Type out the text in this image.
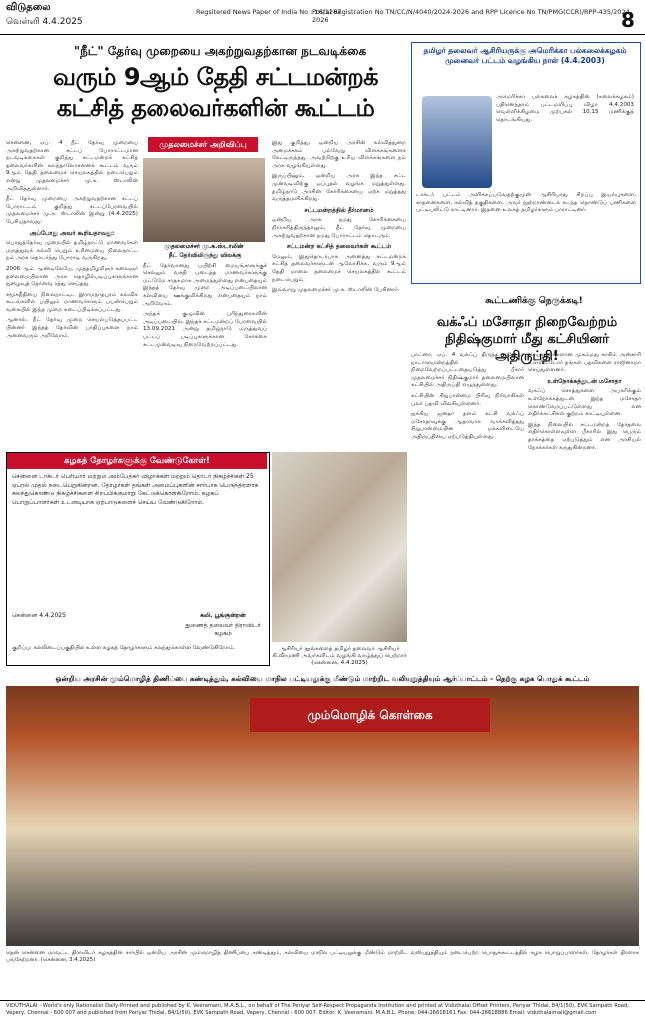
விடுதலை
வெள்ளி 4.4.2025
Regsitered News Paper of India No : 16/1267
Postal Registration No TN/CC/N/4040/2024-2026 and RPP Licence No TN/PMG(CCR)/RPP-435/2024-2026	8
"நீட்" தேர்வு முறையை அகற்றுவதற்கான நடவடிக்கை
வரும் 9ஆம் தேதி சட்டமன்றக்
கட்சித் தலைவர்களின் கூட்டம்

சென்னை, ஏப். 4 நீட் தேர்வு முறையை அகற்றுவதற்கான சட்டப் போராட்டமான நடவடிக்கைகள் குறித்து சட்டமன்றக் கட்சித் தலைவர்களின் கலந்தாலோசனைக் கூட்டம் வரும் 9ஆம் தேதி தலைமைச் செயலகத்தில் நடைபெறும் என்று முதலமைச்சர் மு.க. ஸ்டாலின் அறிவித்துள்ளார்.

நீட் தேர்வு முறையை அகற்றுவதற்கான சட்டப் போராட்டம் குறித்து சட்டப்பேரவையில் முதலமைச்சர் மு.க. ஸ்டாலின் இன்று (4.4.2025) பேசியதாவது:

அப்போது அவர் கூறியதாவது:

பொதுத்தேர்வு முறையில் தமிழ்நாட்டு மாணவர்கள் மருத்துவக் கல்வி பெறும் உரிமையை நிலைநாட்ட நம் அரசு தொடர்ந்து போராடி வருகிறது.

2006 ஆம் ஆண்டிலேயே, முத்தமிழறிஞர் கலைஞர் தலைமையிலான அரசு தொழில்படிப்புகளுக்கான நுழைவுத் தேர்வை ரத்து செய்தது.

சமூகநீதியை நிலைநாட்டிட இராமநாதபுரம் கல்விக் கூடங்களில் பயிலும் மாணவர்களும் பயன்பெறும் வகையில் இந்த முறை கடைப்பிடிக்கப்பட்டது.

ஆனால், நீட் தேர்வு முறை செயல்படுத்தப்பட்ட பின்னர் இந்தத் தேர்வின் பாதிப்புகளை நாம் அனைவரும் அறிவோம்.

முதலமைச்சர் அறிவிப்பு
முதலமைச்சர் மு.க.ஸ்டாலின்

நீட் தேர்விலிருந்து விலக்கு

நீட் தேர்வானது பயிற்சி மையங்களுக்குச் செல்லும் வசதி படைத்த மாணவர்களுக்கு மட்டுமே சாதகமாக அமைந்துள்ளது என்பதையும் இந்தத் தேர்வு முறை அடிப்படையிலான கல்வியை ஊக்குவிக்கிறது என்பதையும் நாம் அறிவோம்.

அந்தக் குழுவின் பரிந்துரைகளின் அடிப்படையில், இந்தச் சட்டமன்றப் பேரவையில் 13.09.2021 அன்று தமிழ்நாடு மருத்துவப் பட்டப் படிப்புகளுக்கான சேர்க்கை சட்டமுன்வடிவு நிறைவேற்றப்பட்டது.

இது குறித்து, ஒன்றிய அரசின் கல்வித்துறை அமைச்சகம் பல்வேறு விளக்கங்களைக் கேட்டிருந்தது. அவற்றிற்கு உரிய விளக்கங்களை நம் அரசு வழங்கியுள்ளது.

இருப்பினும், ஒன்றிய அரசு இந்த சட்ட முன்வடிவிற்கு ஒப்புதல் வழங்க மறுத்துள்ளது. தமிழ்நாடு அரசின் கோரிக்கையை ஏற்க மறுத்தது வருத்தமளிக்கிறது.

சட்டமன்றத்தில் தீர்மானம்

ஒன்றிய அரசு நமது கோரிக்கையை நிராகரித்திருந்தாலும், நீட் தேர்வு முறையை அகற்றுவதற்கான நமது போராட்டம் தொடரும்.

சட்டமன்ற கட்சித் தலைவர்கள் கூட்டம்

மேலும், இதுதொடர்பாக அனைத்து சட்டமன்றக் கட்சித் தலைவர்களுடன் ஆலோசிக்க, வரும் 9ஆம் தேதி மாலை தலைமைச் செயலகத்தில் கூட்டம் நடைபெறும்.

இவ்வாறு முதலமைச்சர் மு.க. ஸ்டாலின் பேசினார்.

தமிழர் தலைவர் ஆசிரியருக்கு அமெரிக்கா பல்கலைக்கழகம் முனைவர் பட்டம் வழங்கிய நாள் (4.4.2003)
அமெரிக்கா பல்கலைக் கழகத்தின் (கலைக்கழகம்) பதினெந்தாம் பட்டமளிப்பு விழா 4.4.2003 வெள்ளிக்கிழமை முற்பகல் 10.15 மணிக்குத் தொடங்கியது.
டாக்டர் பட்டம் அளிக்கப்படுவதற்குமுன் ஆசிரியரது சிறப்பு இயல்புகளை, சாதனைகளை, கல்வித் தகுதிகளை, அவர் நூற்றாண்டைக் கடந்த தொண்டுப் பணிகளை பட்டியலிட்டு காட்டினார். இதனை உலகத் தமிழர்களும் பாராட்டினர்.
கூட்டணிக்கு நெருக்கடி!
வக்ஃப் மசோதா நிறைவேற்றம் நிதிஷ்குமார் மீது கட்சியினர் அதிருப்தி!

பாட்னா, ஏப். 4 வக்ஃப் திருத்த மசோதா நாடாளுமன்றத்தில் நிறைவேற்றப்பட்டதையடுத்து பீகார் முதலமைச்சர் நிதிஷ்குமார் தலைமையிலான கட்சியில் அதிருப்தி எழுந்துள்ளது.

கட்சியின் சிறுபான்மை பிரிவு நிர்வாகிகள் பலர் பதவி விலகியுள்ளனர்.

ஐக்கிய ஜனதா தளம் கட்சி வக்ஃப் மசோதாவுக்கு ஆதரவாக வாக்களித்தது சிறுபான்மையின மக்களிடையே அதிருப்தியை ஏற்படுத்தியுள்ளது.

செயலாளர்களான முகம்மது காசிம் அன்சாரி உள்ளிட்டோர் தங்கள் பதவிகளை ராஜினாமா செய்துள்ளனர்.

உள்நோக்கத்துடன் மசோதா

வக்ஃப் சொத்துகளை அபகரிக்கும் உள்நோக்கத்துடன் இந்த மசோதா கொண்டுவரப்பட்டுள்ளது என எதிர்க்கட்சிகள் குற்றம் சாட்டியுள்ளன.

இந்த நிலையில் சட்டமன்றத் தேர்தலை எதிர்கொள்ளவுள்ள பீகாரில் இது பெரும் தாக்கத்தை ஏற்படுத்தும் என அரசியல் நோக்கர்கள் கருதுகின்றனர்.

கழகத் தோழர்களுக்கு வேண்டுகோள்!
சென்னை டாக்டர் பெரியார் மற்றும் அம்பேத்கர் விழாக்கள் மற்றும் தொடர் நிகழ்ச்சிகள் 25 ஏப்ரல் முதல் நடைபெறுகின்றன. தோழர்கள் தங்கள் அமைப்புகளின் சார்பாக பெருந்திரளாக கலந்துகொண்டு நிகழ்ச்சிகளை சிறப்பிக்குமாறு கேட்டுக்கொள்கிறோம். கழகப் பொறுப்பாளர்கள் உடனடியாக ஏற்பாடுகளைச் செய்ய வேண்டுகிறோம்.
சென்னை 4.4.2025	கலி. பூங்குன்றன்
துணைத் தலைவர் திராவிடர் கழகம்
குறிப்பு: கல்லிடைப்பகுதியில் உள்ள கழகத் தோழர்களும் கலந்துகொள்ள வேண்டுகிறோம்.	ஆசிரியர் நூல்களைத் தமிழர் தலைவர் ஆசிரியர் கி.வீரமணி அவர்களிடம் வழங்கி வாழ்த்துப் பெற்றார் (சென்னை, 4.4.2025)
ஒன்றிய அரசின் மும்மொழித் திணிப்பை கண்டித்தும், கல்வியை மாநில பட்டியலுக்கு மீண்டும் மாற்றிட வலியுறுத்தியும் ஆர்ப்பாட்டம் - தெற்கு கழக பொதுக் கூட்டம்
மும்மொழிக் கொள்கை
தென் சென்னை மாவட்ட திராவிடர் கழகத்தின் சார்பில் ஒன்றிய அரசின் மும்மொழித் திணிப்பை கண்டித்தும், கல்வியை மாநில பட்டியலுக்கு மீண்டும் மாற்றிட வலியுறுத்தியும் நடைபெற்ற பொதுக்கூட்டத்தில் கழக பொறுப்பாளர்கள், தோழர்கள் திரளாக பங்கேற்றனர். (சென்னை, 3.4.2025)
VIDUTHALAI - World's only Rationalist Daily-Printed and published by K. Veeramani, M.A.B.L., on behalf of The Periyar Self-Respect Propaganda Institution and printed at Viduthalai Offset Printers, Periyar Thidal, 84/1(50), EVK Sampath Road, Vepery, Chennai - 600 007 and published from Periyar Thidal, 84/1(50), EVK Sampath Road, Vepery, Chennai - 600 007. Editor: K. Veeramani, M.A.B.L. Phone: 044-26618161 Fax: 044-26618886 Email: viduthalaimail@gmail.com
